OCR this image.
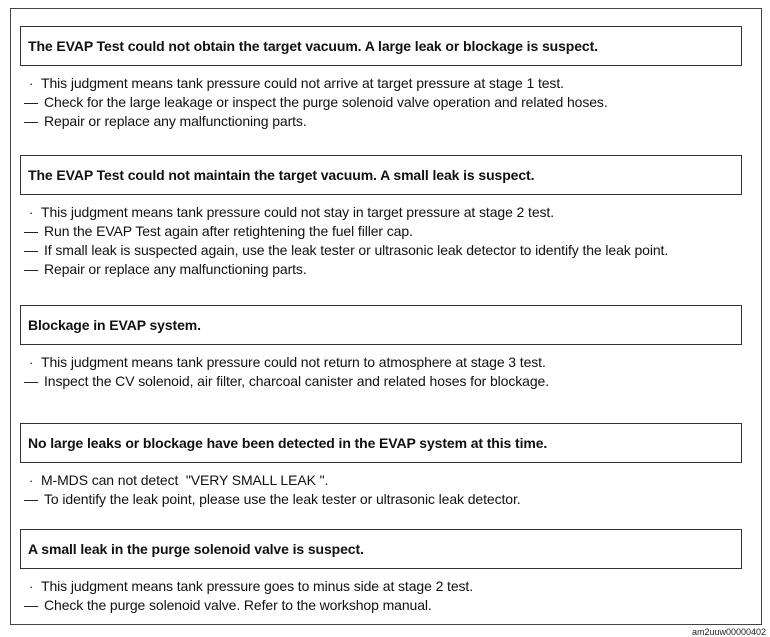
The EVAP Test could not obtain the target vacuum. A large leak or blockage is suspect.
· This judgment means tank pressure could not arrive at target pressure at stage 1 test.
— Check for the large leakage or inspect the purge solenoid valve operation and related hoses.
— Repair or replace any malfunctioning parts.
The EVAP Test could not maintain the target vacuum. A small leak is suspect.
· This judgment means tank pressure could not stay in target pressure at stage 2 test.
— Run the EVAP Test again after retightening the fuel filler cap.
— If small leak is suspected again, use the leak tester or ultrasonic leak detector to identify the leak point.
— Repair or replace any malfunctioning parts.
Blockage in EVAP system.
· This judgment means tank pressure could not return to atmosphere at stage 3 test.
— Inspect the CV solenoid, air filter, charcoal canister and related hoses for blockage.
No large leaks or blockage have been detected in the EVAP system at this time.
· M-MDS can not detect  "VERY SMALL LEAK ".
— To identify the leak point, please use the leak tester or ultrasonic leak detector.
A small leak in the purge solenoid valve is suspect.
· This judgment means tank pressure goes to minus side at stage 2 test.
— Check the purge solenoid valve. Refer to the workshop manual.
am2uuw00000402
